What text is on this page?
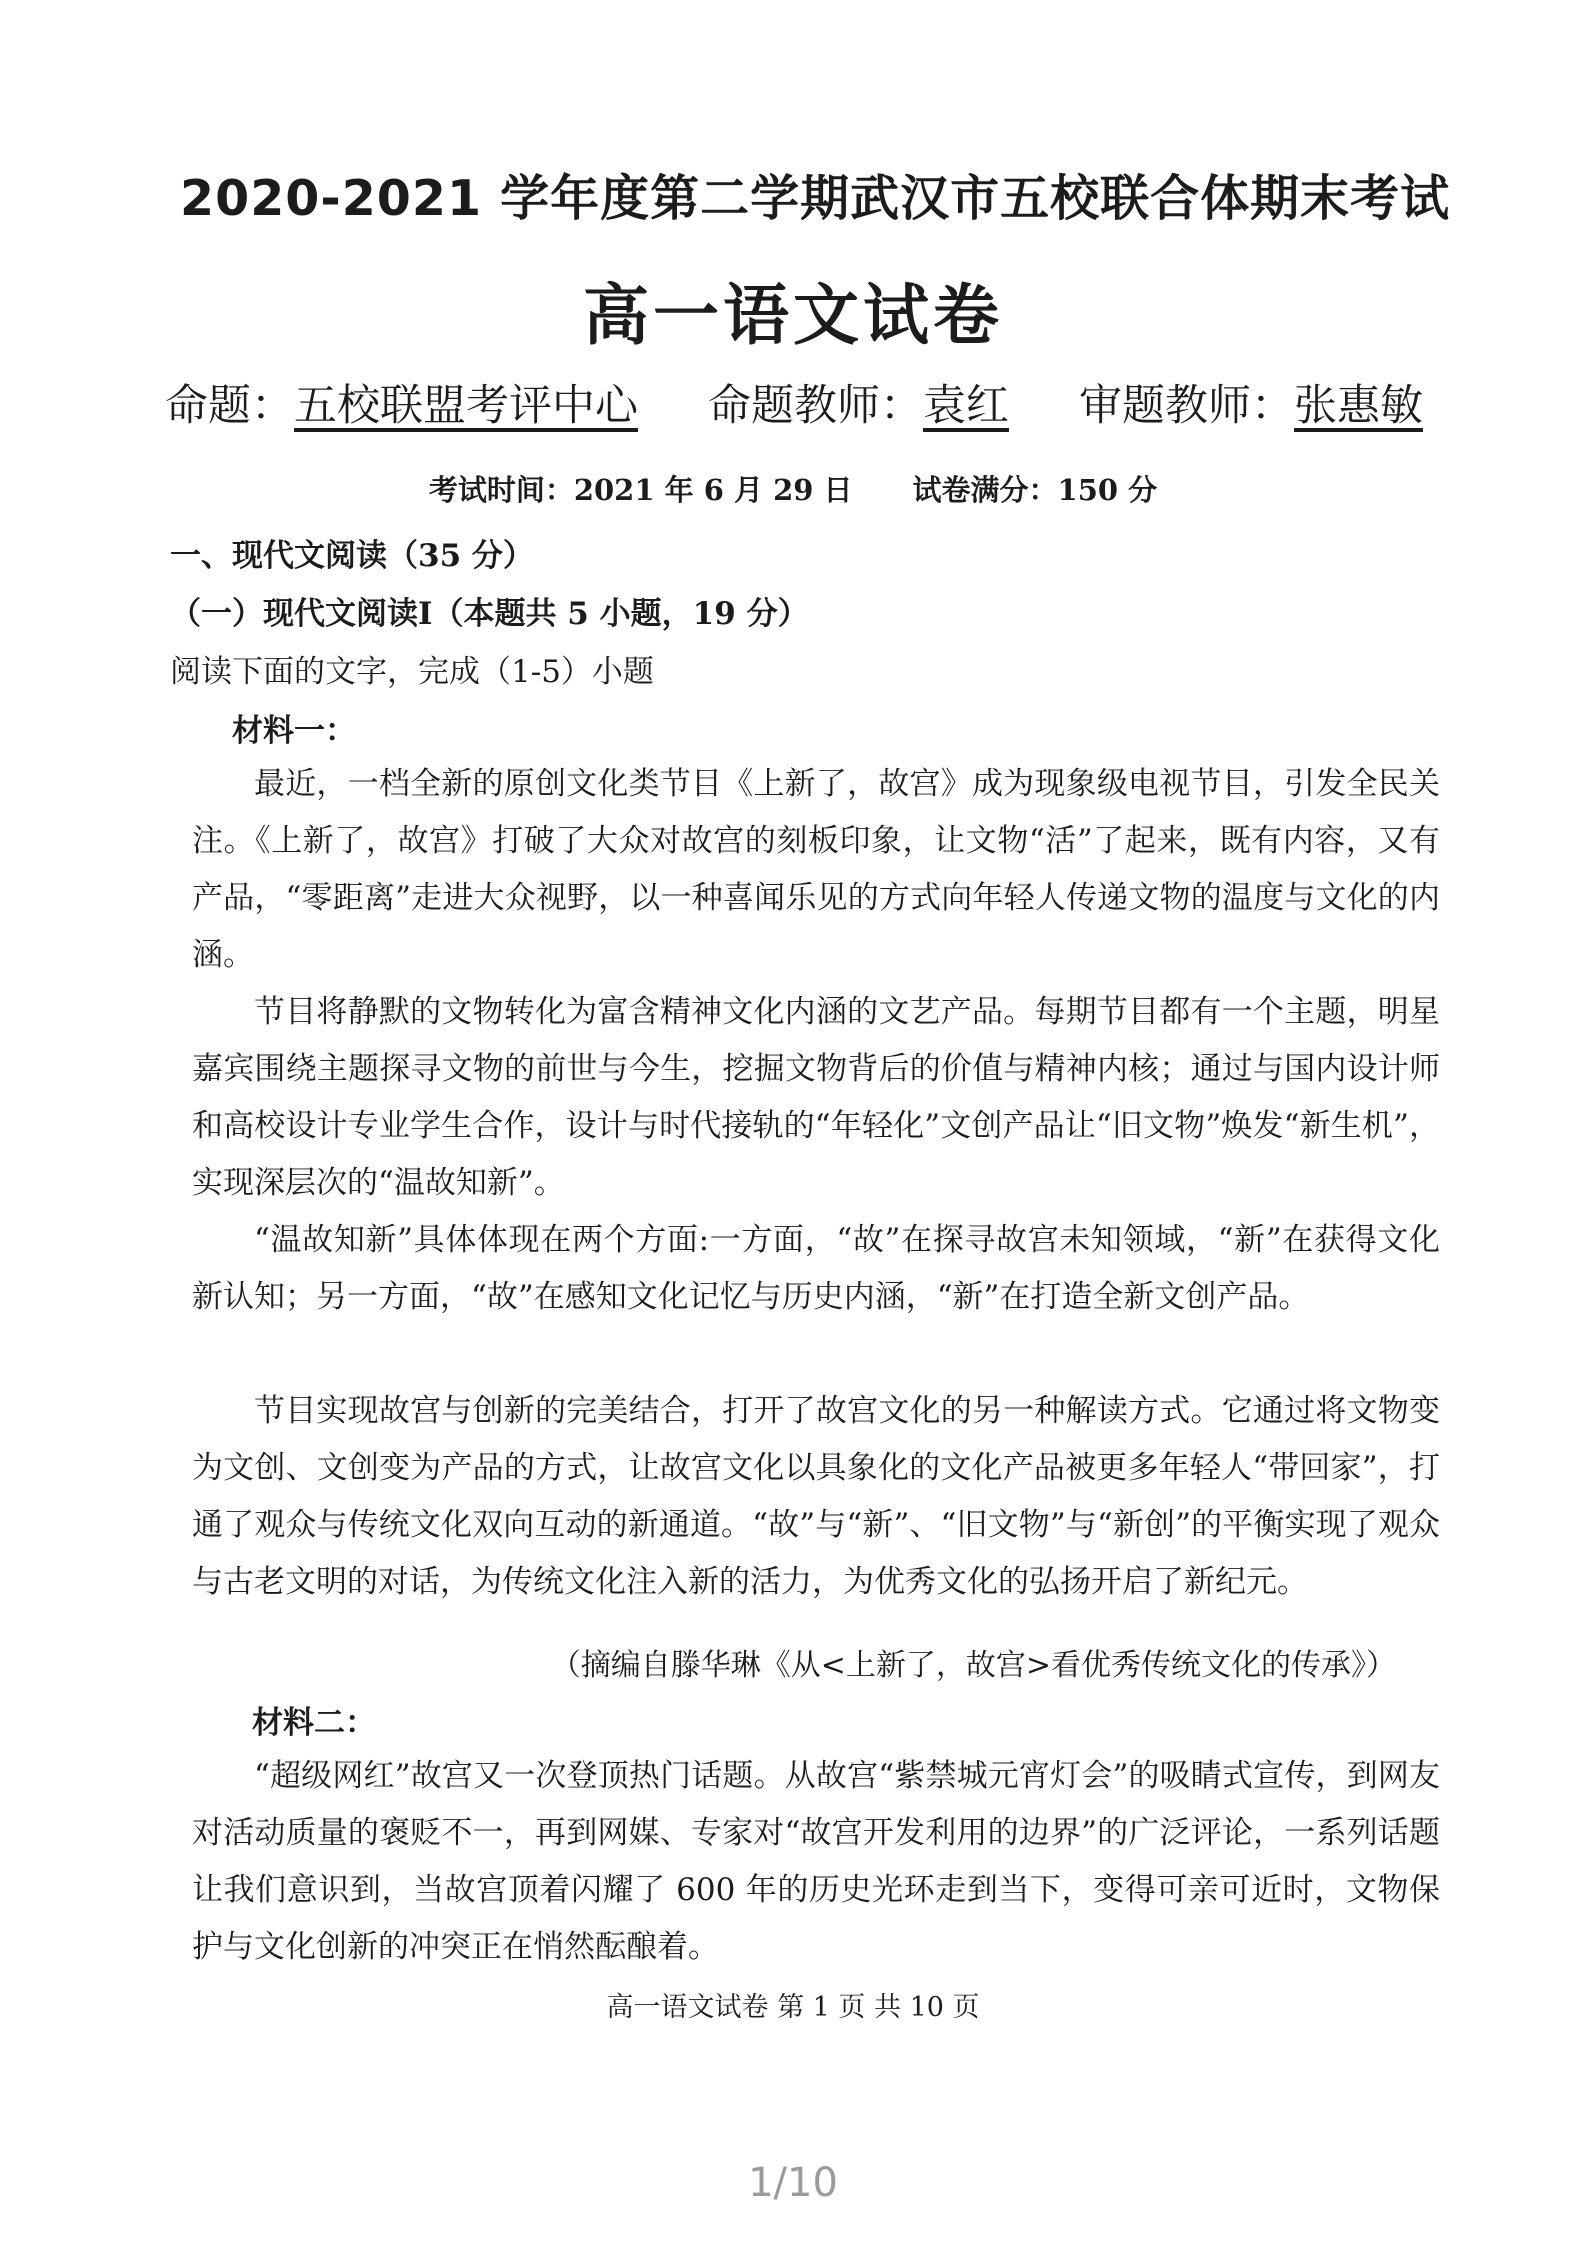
2020-2021 学年度第二学期武汉市五校联合体期末考试
高一语文试卷
命题：五校联盟考评中心 命题教师：袁红 审题教师：张惠敏
考试时间：2021 年 6 月 29 日 试卷满分：150 分
一、现代文阅读（35 分）
（一）现代文阅读Ⅰ（本题共 5 小题，19 分）
阅读下面的文字，完成（1-5）小题
材料一：

最近，一档全新的原创文化类节目《上新了，故宫》成为现象级电视节目，引发全民关注。《上新了，故宫》打破了大众对故宫的刻板印象，让文物“活”了起来，既有内容，又有产品，“零距离”走进大众视野，以一种喜闻乐见的方式向年轻人传递文物的温度与文化的内涵。

节目将静默的文物转化为富含精神文化内涵的文艺产品。每期节目都有一个主题，明星嘉宾围绕主题探寻文物的前世与今生，挖掘文物背后的价值与精神内核；通过与国内设计师和高校设计专业学生合作，设计与时代接轨的“年轻化”文创产品让“旧文物”焕发“新生机”，实现深层次的“温故知新”。

“温故知新”具体体现在两个方面:一方面，“故”在探寻故宫未知领域，“新”在获得文化新认知；另一方面，“故”在感知文化记忆与历史内涵，“新”在打造全新文创产品。

节目实现故宫与创新的完美结合，打开了故宫文化的另一种解读方式。它通过将文物变为文创、文创变为产品的方式，让故宫文化以具象化的文化产品被更多年轻人“带回家”，打通了观众与传统文化双向互动的新通道。“故”与“新”、“旧文物”与“新创”的平衡实现了观众与古老文明的对话，为传统文化注入新的活力，为优秀文化的弘扬开启了新纪元。

（摘编自滕华琳《从<上新了，故宫>看优秀传统文化的传承》）
材料二：

“超级网红”故宫又一次登顶热门话题。从故宫“紫禁城元宵灯会”的吸睛式宣传，到网友对活动质量的褒贬不一，再到网媒、专家对“故宫开发利用的边界”的广泛评论，一系列话题让我们意识到，当故宫顶着闪耀了 600 年的历史光环走到当下，变得可亲可近时，文物保护与文化创新的冲突正在悄然酝酿着。

高一语文试卷 第 1 页 共 10 页
1/10
